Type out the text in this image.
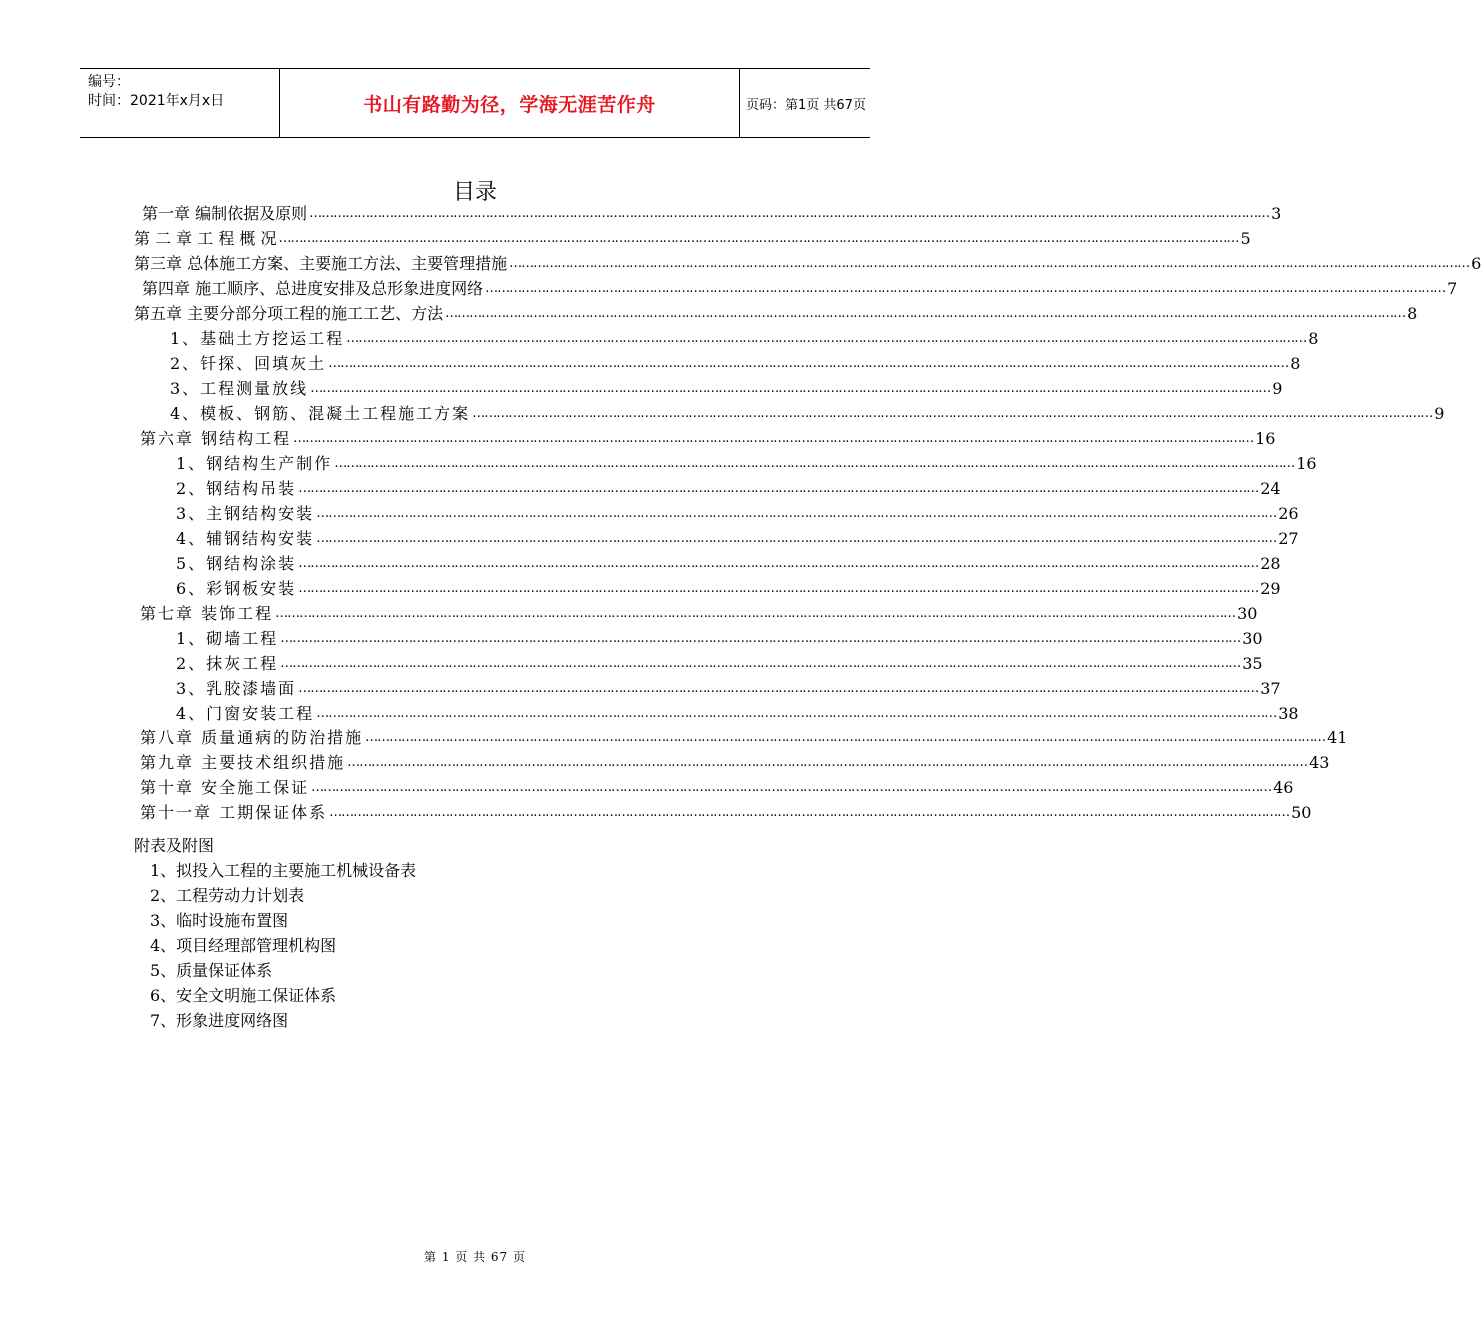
编号：
时间：2021年x月x日	书山有路勤为径，学海无涯苦作舟	页码：第1页 共67页
目录
第一章 编制依据及原则 …………………………………………………………………………………………………………………………………………………………………………………………………………………… 3
第 二 章 工 程 概 况 …………………………………………………………………………………………………………………………………………………………………………………………………………………… 5
第三章 总体施工方案、主要施工方法、主要管理措施 …………………………………………………………………………………………………………………………………………………………………………………………………………………… 6
第四章 施工顺序、总进度安排及总形象进度网络 …………………………………………………………………………………………………………………………………………………………………………………………………………………… 7
第五章 主要分部分项工程的施工工艺、方法 …………………………………………………………………………………………………………………………………………………………………………………………………………………… 8
1、基础土方挖运工程 …………………………………………………………………………………………………………………………………………………………………………………………………………………… 8
2、钎探、回填灰土 …………………………………………………………………………………………………………………………………………………………………………………………………………………… 8
3、工程测量放线 …………………………………………………………………………………………………………………………………………………………………………………………………………………… 9
4、模板、钢筋、混凝土工程施工方案 …………………………………………………………………………………………………………………………………………………………………………………………………………………… 9
第六章 钢结构工程 …………………………………………………………………………………………………………………………………………………………………………………………………………………… 16
1、钢结构生产制作 …………………………………………………………………………………………………………………………………………………………………………………………………………………… 16
2、钢结构吊装 …………………………………………………………………………………………………………………………………………………………………………………………………………………… 24
3、主钢结构安装 …………………………………………………………………………………………………………………………………………………………………………………………………………………… 26
4、辅钢结构安装 …………………………………………………………………………………………………………………………………………………………………………………………………………………… 27
5、钢结构涂装 …………………………………………………………………………………………………………………………………………………………………………………………………………………… 28
6、彩钢板安装 …………………………………………………………………………………………………………………………………………………………………………………………………………………… 29
第七章 装饰工程 …………………………………………………………………………………………………………………………………………………………………………………………………………………… 30
1、砌墙工程 …………………………………………………………………………………………………………………………………………………………………………………………………………………… 30
2、抹灰工程 …………………………………………………………………………………………………………………………………………………………………………………………………………………… 35
3、乳胶漆墙面 …………………………………………………………………………………………………………………………………………………………………………………………………………………… 37
4、门窗安装工程 …………………………………………………………………………………………………………………………………………………………………………………………………………………… 38
第八章 质量通病的防治措施 …………………………………………………………………………………………………………………………………………………………………………………………………………………… 41
第九章 主要技术组织措施 …………………………………………………………………………………………………………………………………………………………………………………………………………………… 43
第十章 安全施工保证 …………………………………………………………………………………………………………………………………………………………………………………………………………………… 46
第十一章 工期保证体系 …………………………………………………………………………………………………………………………………………………………………………………………………………………… 50
附表及附图
1、拟投入工程的主要施工机械设备表
2、工程劳动力计划表
3、临时设施布置图
4、项目经理部管理机构图
5、质量保证体系
6、安全文明施工保证体系
7、形象进度网络图
第 1 页 共 67 页
